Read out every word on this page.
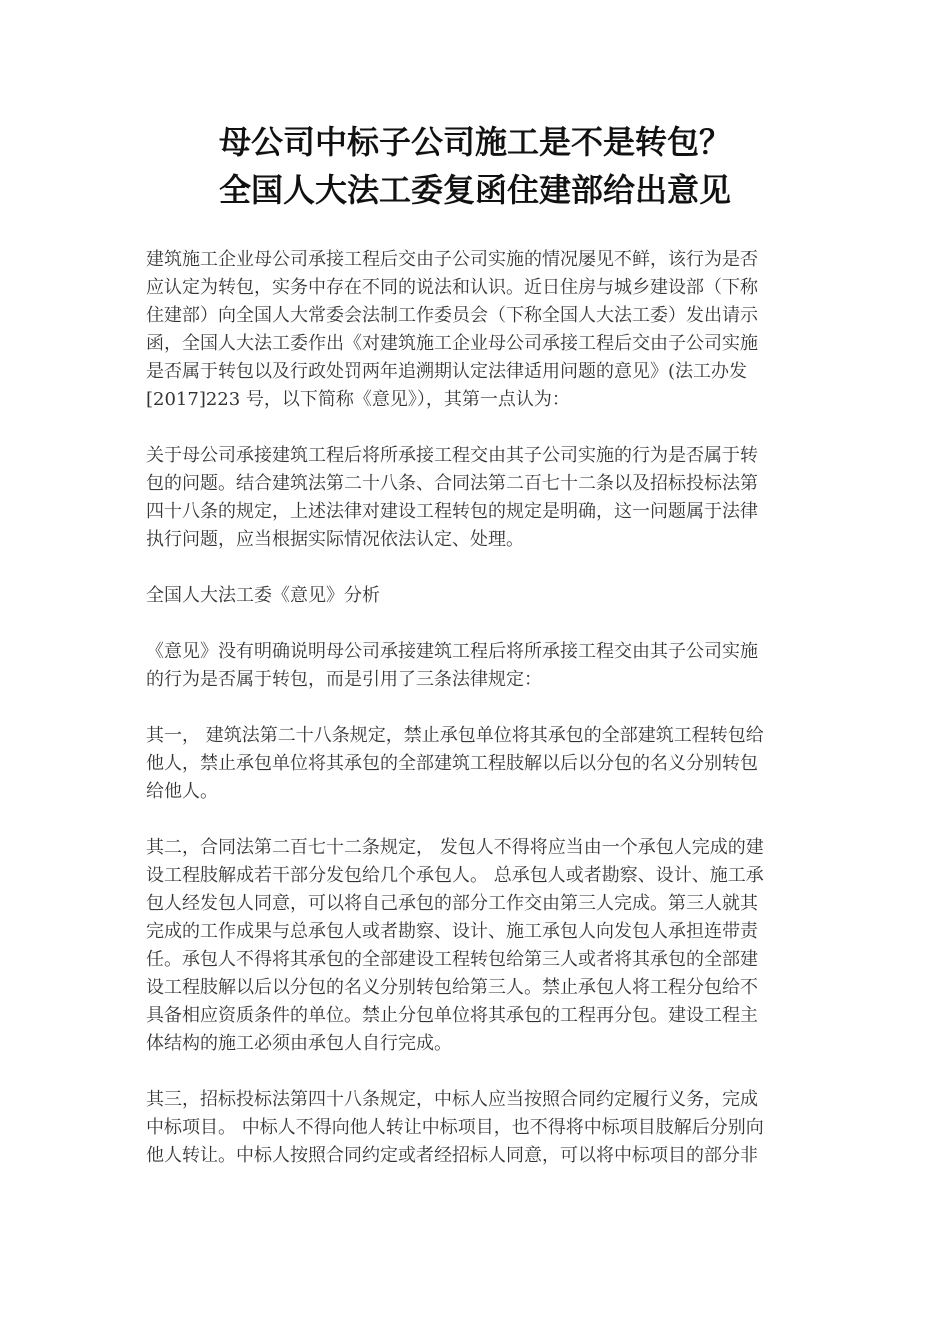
母公司中标子公司施工是不是转包？
全国人大法工委复函住建部给出意见

建筑施工企业母公司承接工程后交由子公司实施的情况屡见不鲜，该行为是否
应认定为转包，实务中存在不同的说法和认识。近日住房与城乡建设部（下称
住建部）向全国人大常委会法制工作委员会（下称全国人大法工委）发出请示
函，全国人大法工委作出《对建筑施工企业母公司承接工程后交由子公司实施
是否属于转包以及行政处罚两年追溯期认定法律适用问题的意见》(法工办发
[2017]223 号，以下简称《意见》），其第一点认为：

关于母公司承接建筑工程后将所承接工程交由其子公司实施的行为是否属于转
包的问题。结合建筑法第二十八条、合同法第二百七十二条以及招标投标法第
四十八条的规定，上述法律对建设工程转包的规定是明确，这一问题属于法律
执行问题，应当根据实际情况依法认定、处理。

全国人大法工委《意见》分析

《意见》没有明确说明母公司承接建筑工程后将所承接工程交由其子公司实施
的行为是否属于转包，而是引用了三条法律规定：

其一， 建筑法第二十八条规定，禁止承包单位将其承包的全部建筑工程转包给
他人，禁止承包单位将其承包的全部建筑工程肢解以后以分包的名义分别转包
给他人。

其二，合同法第二百七十二条规定， 发包人不得将应当由一个承包人完成的建
设工程肢解成若干部分发包给几个承包人。 总承包人或者勘察、设计、施工承
包人经发包人同意，可以将自己承包的部分工作交由第三人完成。第三人就其
完成的工作成果与总承包人或者勘察、设计、施工承包人向发包人承担连带责
任。承包人不得将其承包的全部建设工程转包给第三人或者将其承包的全部建
设工程肢解以后以分包的名义分别转包给第三人。禁止承包人将工程分包给不
具备相应资质条件的单位。禁止分包单位将其承包的工程再分包。建设工程主
体结构的施工必须由承包人自行完成。

其三，招标投标法第四十八条规定，中标人应当按照合同约定履行义务，完成
中标项目。 中标人不得向他人转让中标项目，也不得将中标项目肢解后分别向
他人转让。中标人按照合同约定或者经招标人同意，可以将中标项目的部分非
